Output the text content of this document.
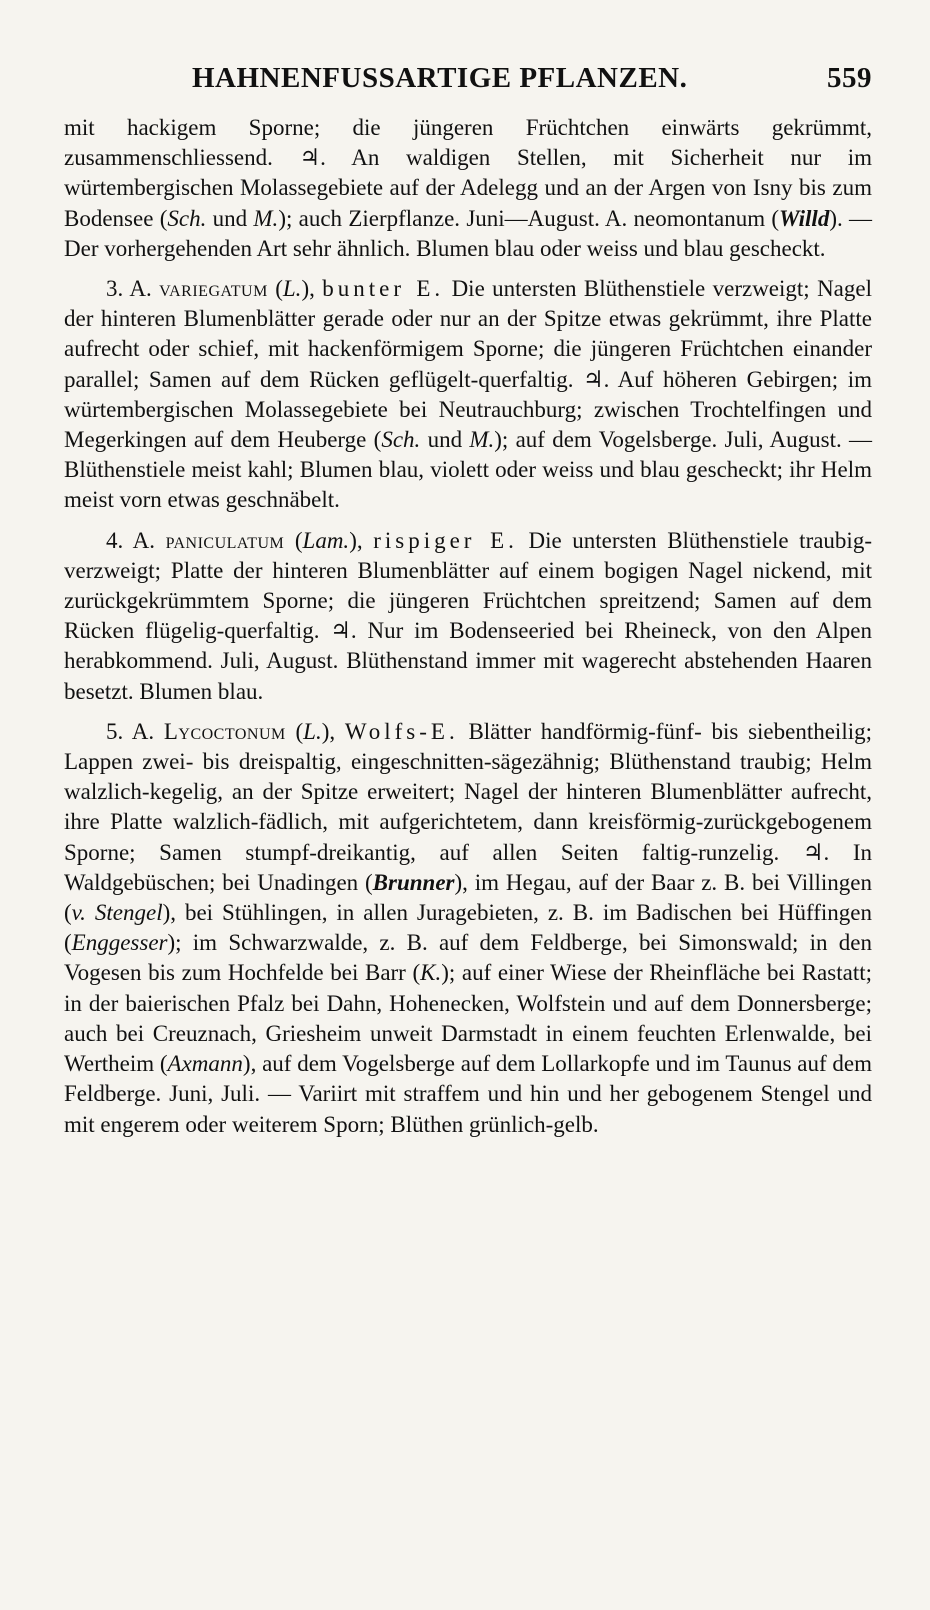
HAHNENFUSSARTIGE PFLANZEN.	559

mit hackigem Sporne; die jüngeren Früchtchen einwärts gekrümmt, zusammenschliessend. ♃. An waldigen Stellen, mit Sicherheit nur im würtembergischen Molassegebiete auf der Adelegg und an der Argen von Isny bis zum Bodensee (Sch. und M.); auch Zierpflanze. Juni—August. A. neomontanum (Willd). — Der vorhergehenden Art sehr ähnlich. Blumen blau oder weiss und blau gescheckt.

3. A. variegatum (L.), bunter E. Die untersten Blüthenstiele verzweigt; Nagel der hinteren Blumenblätter gerade oder nur an der Spitze etwas gekrümmt, ihre Platte aufrecht oder schief, mit hackenförmigem Sporne; die jüngeren Früchtchen einander parallel; Samen auf dem Rücken geflügelt-querfaltig. ♃. Auf höheren Gebirgen; im würtembergischen Molassegebiete bei Neutrauchburg; zwischen Trochtelfingen und Megerkingen auf dem Heuberge (Sch. und M.); auf dem Vogelsberge. Juli, August. — Blüthenstiele meist kahl; Blumen blau, violett oder weiss und blau gescheckt; ihr Helm meist vorn etwas geschnäbelt.

4. A. paniculatum (Lam.), rispiger E. Die untersten Blüthenstiele traubig-verzweigt; Platte der hinteren Blumenblätter auf einem bogigen Nagel nickend, mit zurückgekrümmtem Sporne; die jüngeren Früchtchen spreitzend; Samen auf dem Rücken flügelig-querfaltig. ♃. Nur im Bodenseeried bei Rheineck, von den Alpen herabkommend. Juli, August. Blüthenstand immer mit wagerecht abstehenden Haaren besetzt. Blumen blau.

5. A. Lycoctonum (L.), Wolfs-E. Blätter handförmig-fünf- bis siebentheilig; Lappen zwei- bis dreispaltig, eingeschnitten-sägezähnig; Blüthenstand traubig; Helm walzlich-kegelig, an der Spitze erweitert; Nagel der hinteren Blumenblätter aufrecht, ihre Platte walzlich-fädlich, mit aufgerichtetem, dann kreisförmig-zurückgebogenem Sporne; Samen stumpf-dreikantig, auf allen Seiten faltig-runzelig. ♃. In Waldgebüschen; bei Unadingen (Brunner), im Hegau, auf der Baar z. B. bei Villingen (v. Stengel), bei Stühlingen, in allen Juragebieten, z. B. im Badischen bei Hüffingen (Enggesser); im Schwarzwalde, z. B. auf dem Feldberge, bei Simonswald; in den Vogesen bis zum Hochfelde bei Barr (K.); auf einer Wiese der Rheinfläche bei Rastatt; in der baierischen Pfalz bei Dahn, Hohenecken, Wolfstein und auf dem Donnersberge; auch bei Creuznach, Griesheim unweit Darmstadt in einem feuchten Erlenwalde, bei Wertheim (Axmann), auf dem Vogelsberge auf dem Lollarkopfe und im Taunus auf dem Feldberge. Juni, Juli. — Variirt mit straffem und hin und her gebogenem Stengel und mit engerem oder weiterem Sporn; Blüthen grünlich-gelb.
